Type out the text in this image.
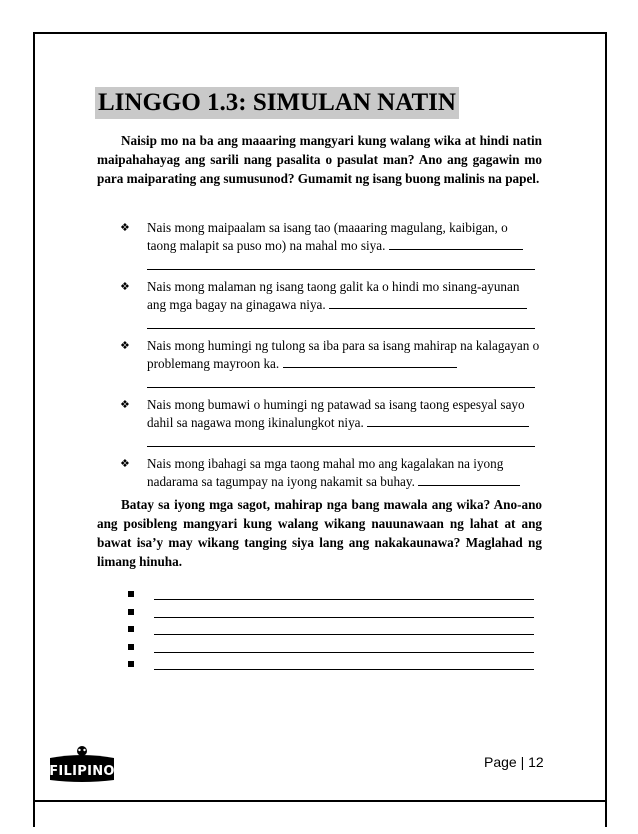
LINGGO 1.3: SIMULAN NATIN

Naisip mo na ba ang maaaring mangyari kung walang wika at hindi natin maipahahayag ang sarili nang pasalita o pasulat man? Ano ang gagawin mo para maiparating ang sumusunod? Gumamit ng isang buong malinis na papel.

❖ Nais mong maipaalam sa isang tao (maaaring magulang, kaibigan, o taong malapit sa puso mo) na mahal mo siya.
❖ Nais mong malaman ng isang taong galit ka o hindi mo sinang-ayunan ang mga bagay na ginagawa niya.
❖ Nais mong humingi ng tulong sa iba para sa isang mahirap na kalagayan o problemang mayroon ka.
❖ Nais mong bumawi o humingi ng patawad sa isang taong espesyal sayo dahil sa nagawa mong ikinalungkot niya.
❖ Nais mong ibahagi sa mga taong mahal mo ang kagalakan na iyong nadarama sa tagumpay na iyong nakamit sa buhay.

Batay sa iyong mga sagot, mahirap nga bang mawala ang wika? Ano-ano ang posibleng mangyari kung walang wikang nauunawaan ng lahat at ang bawat isa’y may wikang tanging siya lang ang nakakaunawa? Maglahad ng limang hinuha.

FILIPINO
Page | 12
